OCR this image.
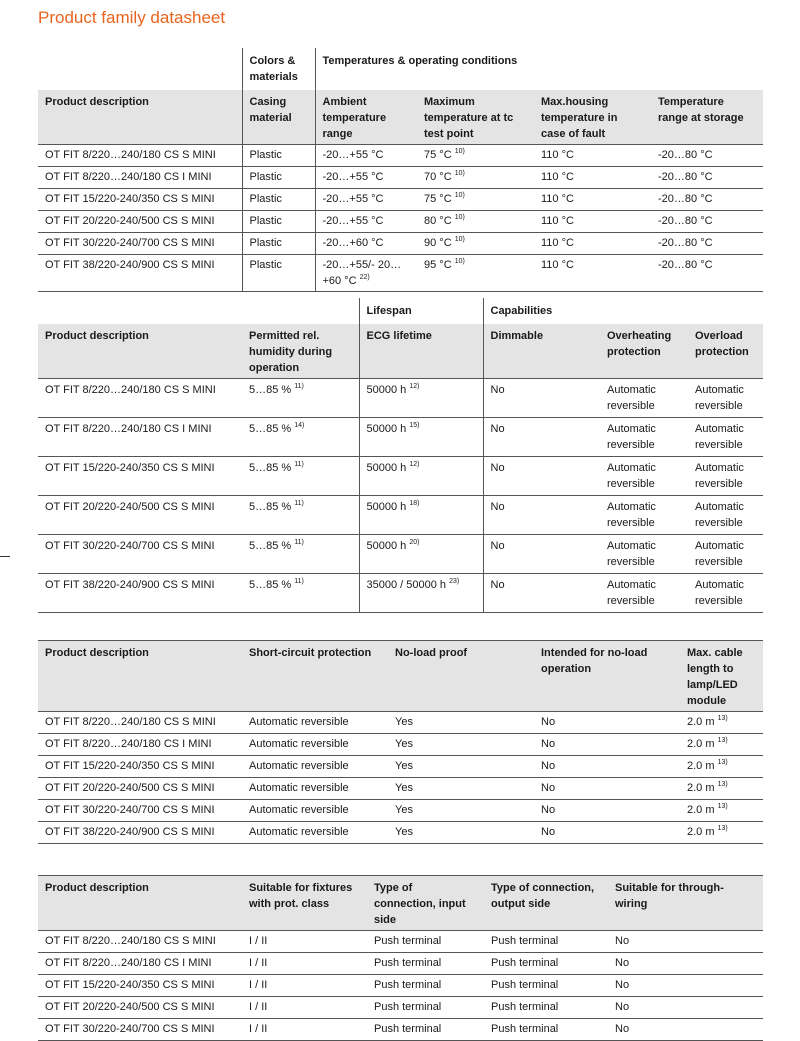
Product family datasheet
	Colors & materials	Temperatures & operating conditions			
Product description	Casing material	Ambient temperature range	Maximum temperature at tc test point	Max.housing temperature in case of fault	Temperature range at storage
OT FIT 8/220…240/180 CS S MINI	Plastic	-20…+55 °C	75 °C $^{10)}$	110 °C	-20…80 °C
OT FIT 8/220…240/180 CS I MINI	Plastic	-20…+55 °C	70 °C $^{10)}$	110 °C	-20…80 °C
OT FIT 15/220-240/350 CS S MINI	Plastic	-20…+55 °C	75 °C $^{10)}$	110 °C	-20…80 °C
OT FIT 20/220-240/500 CS S MINI	Plastic	-20…+55 °C	80 °C $^{10)}$	110 °C	-20…80 °C
OT FIT 30/220-240/700 CS S MINI	Plastic	-20…+60 °C	90 °C $^{10)}$	110 °C	-20…80 °C
OT FIT 38/220-240/900 CS S MINI	Plastic	-20…+55/- 20…+60 °C $^{22)}$	95 °C $^{10)}$	110 °C	-20…80 °C
		Lifespan	Capabilities		
Product description	Permitted rel. humidity during operation	ECG lifetime	Dimmable	Overheating protection	Overload protection
OT FIT 8/220…240/180 CS S MINI	5…85 % $^{11)}$	50000 h $^{12)}$	No	Automatic reversible	Automatic reversible
OT FIT 8/220…240/180 CS I MINI	5…85 % $^{14)}$	50000 h $^{15)}$	No	Automatic reversible	Automatic reversible
OT FIT 15/220-240/350 CS S MINI	5…85 % $^{11)}$	50000 h $^{12)}$	No	Automatic reversible	Automatic reversible
OT FIT 20/220-240/500 CS S MINI	5…85 % $^{11)}$	50000 h $^{18)}$	No	Automatic reversible	Automatic reversible
OT FIT 30/220-240/700 CS S MINI	5…85 % $^{11)}$	50000 h $^{20)}$	No	Automatic reversible	Automatic reversible
OT FIT 38/220-240/900 CS S MINI	5…85 % $^{11)}$	35000 / 50000 h $^{23)}$	No	Automatic reversible	Automatic reversible
Product description	Short-circuit protection	No-load proof	Intended for no-load operation	Max. cable length to lamp/LED module
OT FIT 8/220…240/180 CS S MINI	Automatic reversible	Yes	No	2.0 m $^{13)}$
OT FIT 8/220…240/180 CS I MINI	Automatic reversible	Yes	No	2.0 m $^{13)}$
OT FIT 15/220-240/350 CS S MINI	Automatic reversible	Yes	No	2.0 m $^{13)}$
OT FIT 20/220-240/500 CS S MINI	Automatic reversible	Yes	No	2.0 m $^{13)}$
OT FIT 30/220-240/700 CS S MINI	Automatic reversible	Yes	No	2.0 m $^{13)}$
OT FIT 38/220-240/900 CS S MINI	Automatic reversible	Yes	No	2.0 m $^{13)}$
Product description	Suitable for fixtures with prot. class	Type of connection, input side	Type of connection, output side	Suitable for through-wiring
OT FIT 8/220…240/180 CS S MINI	I / II	Push terminal	Push terminal	No
OT FIT 8/220…240/180 CS I MINI	I / II	Push terminal	Push terminal	No
OT FIT 15/220-240/350 CS S MINI	I / II	Push terminal	Push terminal	No
OT FIT 20/220-240/500 CS S MINI	I / II	Push terminal	Push terminal	No
OT FIT 30/220-240/700 CS S MINI	I / II	Push terminal	Push terminal	No
